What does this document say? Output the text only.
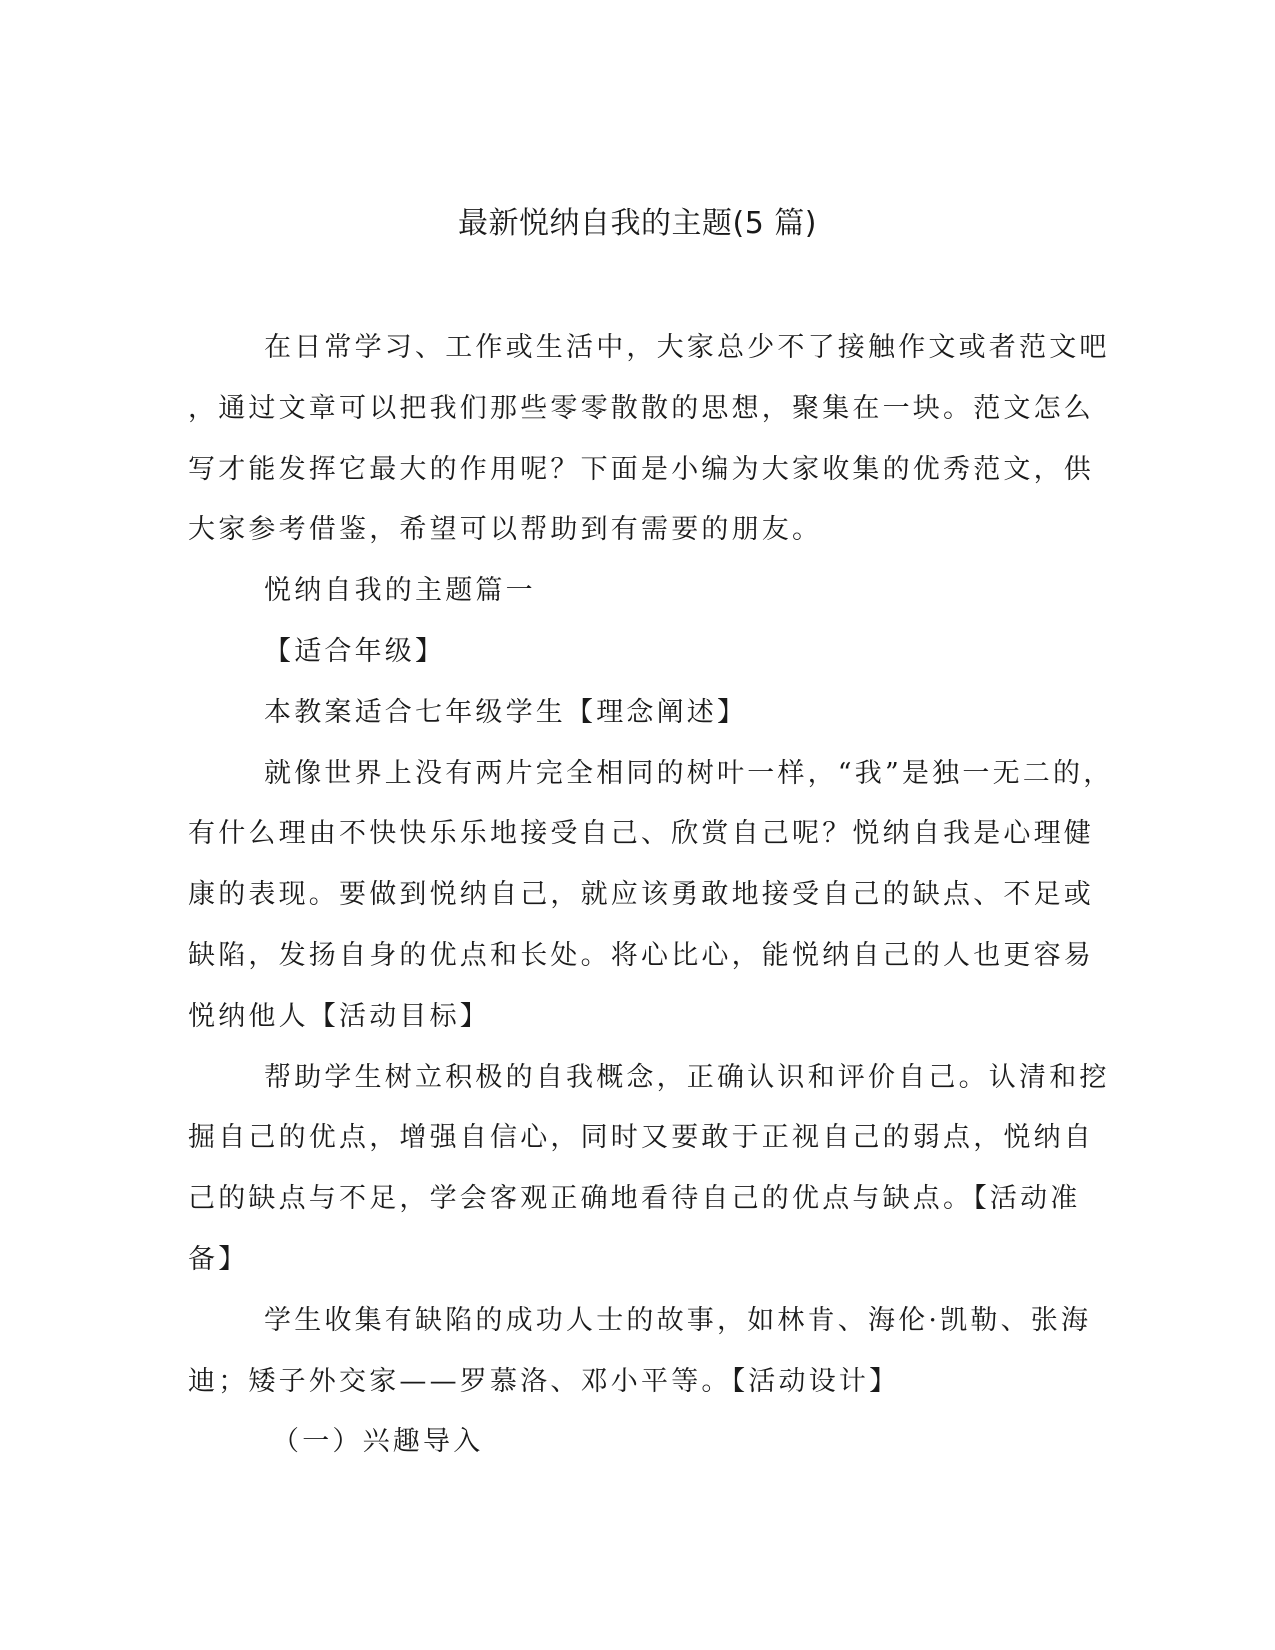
最新悦纳自我的主题(5 篇)
在日常学习、工作或生活中，大家总少不了接触作文或者范文吧
，通过文章可以把我们那些零零散散的思想，聚集在一块。范文怎么
写才能发挥它最大的作用呢？下面是小编为大家收集的优秀范文，供
大家参考借鉴，希望可以帮助到有需要的朋友。
悦纳自我的主题篇一
【适合年级】
本教案适合七年级学生【理念阐述】
就像世界上没有两片完全相同的树叶一样，“我”是独一无二的，
有什么理由不快快乐乐地接受自己、欣赏自己呢？悦纳自我是心理健
康的表现。要做到悦纳自己，就应该勇敢地接受自己的缺点、不足或
缺陷，发扬自身的优点和长处。将心比心，能悦纳自己的人也更容易
悦纳他人【活动目标】
帮助学生树立积极的自我概念，正确认识和评价自己。认清和挖
掘自己的优点，增强自信心，同时又要敢于正视自己的弱点，悦纳自
己的缺点与不足，学会客观正确地看待自己的优点与缺点。【活动准
备】
学生收集有缺陷的成功人士的故事，如林肯、海伦·凯勒、张海
迪；矮子外交家——罗慕洛、邓小平等。【活动设计】
（一）兴趣导入
